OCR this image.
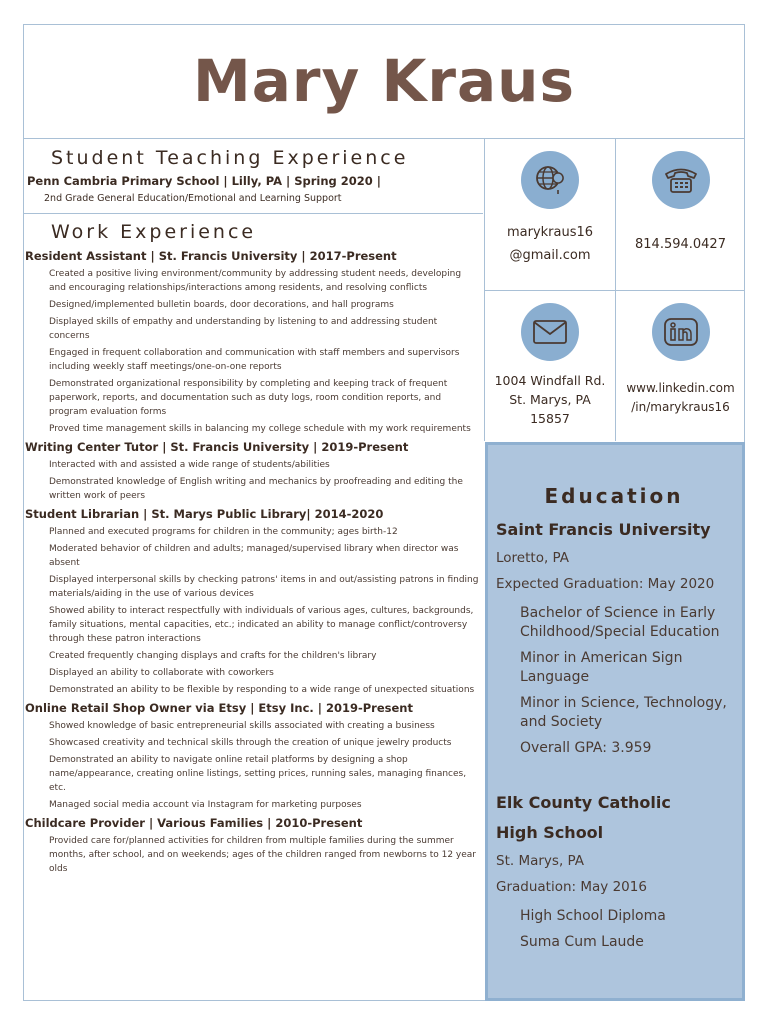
Mary Kraus
Student Teaching Experience
Penn Cambria Primary School | Lilly, PA | Spring 2020 |
2nd Grade General Education/Emotional and Learning Support
Work Experience
Resident Assistant | St. Francis University | 2017-Present
Created a positive living environment/community by addressing student needs, developing and encouraging relationships/interactions among residents, and resolving conflicts
Designed/implemented bulletin boards, door decorations, and hall programs
Displayed skills of empathy and understanding by listening to and addressing student concerns
Engaged in frequent collaboration and communication with staff members and supervisors including weekly staff meetings/one-on-one reports
Demonstrated organizational responsibility by completing and keeping track of frequent paperwork, reports, and documentation such as duty logs, room condition reports, and program evaluation forms
Proved time management skills in balancing my college schedule with my work requirements
Writing Center Tutor | St. Francis University | 2019-Present
Interacted with and assisted a wide range of students/abilities
Demonstrated knowledge of English writing and mechanics by proofreading and editing the written work of peers
Student Librarian | St. Marys Public Library| 2014-2020
Planned and executed programs for children in the community; ages birth-12
Moderated behavior of children and adults; managed/supervised library when director was absent
Displayed interpersonal skills by checking patrons' items in and out/assisting patrons in finding materials/aiding in the use of various devices
Showed ability to interact respectfully with individuals of various ages, cultures, backgrounds, family situations, mental capacities, etc.; indicated an ability to manage conflict/controversy through these patron interactions
Created frequently changing displays and crafts for the children's library
Displayed an ability to collaborate with coworkers
Demonstrated an ability to be flexible by responding to a wide range of unexpected situations
Online Retail Shop Owner via Etsy | Etsy Inc. | 2019-Present
Showed knowledge of basic entrepreneurial skills associated with creating a business
Showcased creativity and technical skills through the creation of unique jewelry products
Demonstrated an ability to navigate online retail platforms by designing a shop name/appearance, creating online listings, setting prices, running sales, managing finances, etc.
Managed social media account via Instagram for marketing purposes
Childcare Provider | Various Families | 2010-Present
Provided care for/planned activities for children from multiple families during the summer months, after school, and on weekends; ages of the children ranged from newborns to 12 year olds
marykraus16
@gmail.com
814.594.0427
1004 Windfall Rd.
St. Marys, PA
15857
www.linkedin.com
/in/marykraus16
Education
Saint Francis University
Loretto, PA
Expected Graduation: May 2020
Bachelor of Science in Early Childhood/Special Education
Minor in American Sign Language
Minor in Science, Technology, and Society
Overall GPA: 3.959
Elk County Catholic
High School
St. Marys, PA
Graduation: May 2016
High School Diploma
Suma Cum Laude
